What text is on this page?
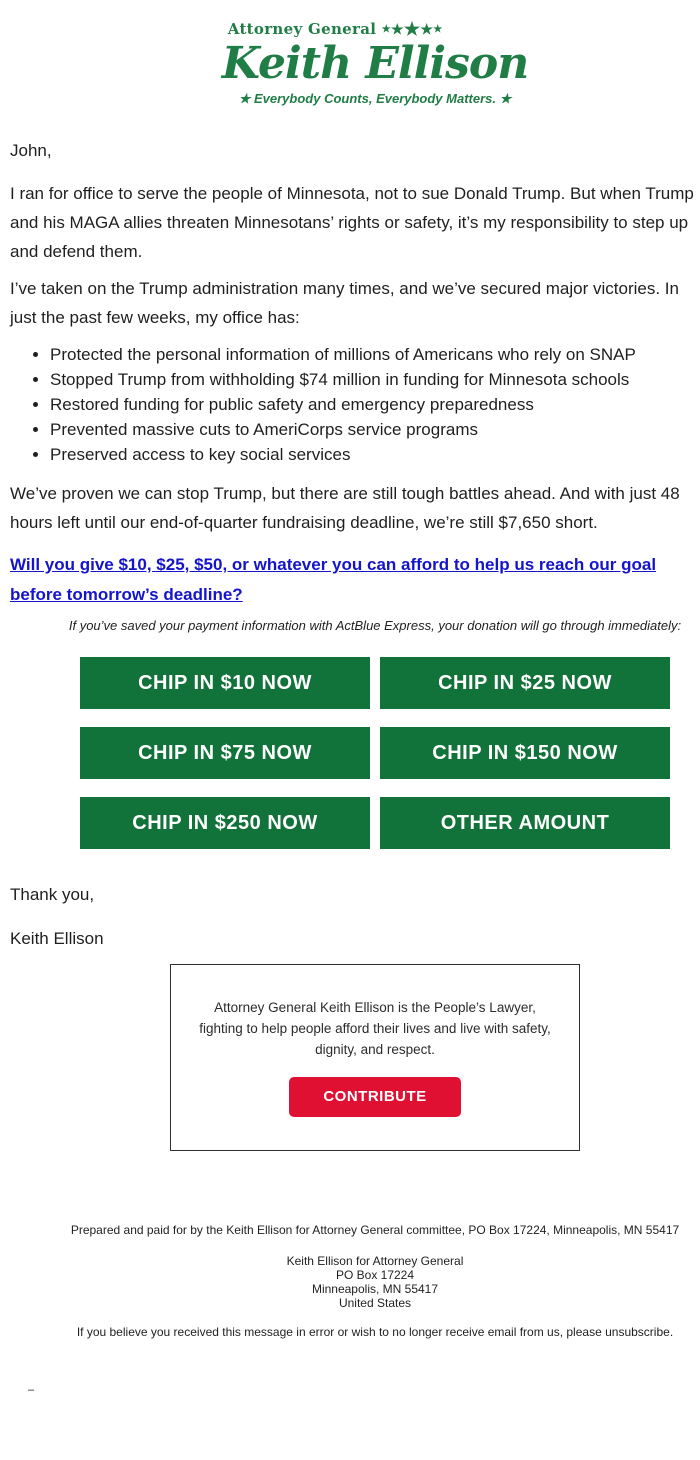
Attorney General ★★★★★
Keith Ellison
★ Everybody Counts, Everybody Matters. ★
John,
I ran for office to serve the people of Minnesota, not to sue Donald Trump. But when Trump
and his MAGA allies threaten Minnesotans’ rights or safety, it’s my responsibility to step up
and defend them.
I’ve taken on the Trump administration many times, and we’ve secured major victories. In
just the past few weeks, my office has:
• Protected the personal information of millions of Americans who rely on SNAP
• Stopped Trump from withholding $74 million in funding for Minnesota schools
• Restored funding for public safety and emergency preparedness
• Prevented massive cuts to AmeriCorps service programs
• Preserved access to key social services
We’ve proven we can stop Trump, but there are still tough battles ahead. And with just 48
hours left until our end-of-quarter fundraising deadline, we’re still $7,650 short.
Will you give $10, $25, $50, or whatever you can afford to help us reach our goal
before tomorrow’s deadline?
If you’ve saved your payment information with ActBlue Express, your donation will go through immediately:
CHIP IN $10 NOW	CHIP IN $25 NOW
CHIP IN $75 NOW	CHIP IN $150 NOW
CHIP IN $250 NOW	OTHER AMOUNT
Thank you,
Keith Ellison
Attorney General Keith Ellison is the People’s Lawyer,
fighting to help people afford their lives and live with safety,
dignity, and respect.
CONTRIBUTE
Prepared and paid for by the Keith Ellison for Attorney General committee, PO Box 17224, Minneapolis, MN 55417
Keith Ellison for Attorney General
PO Box 17224
Minneapolis, MN 55417
United States
If you believe you received this message in error or wish to no longer receive email from us, please unsubscribe.
–
